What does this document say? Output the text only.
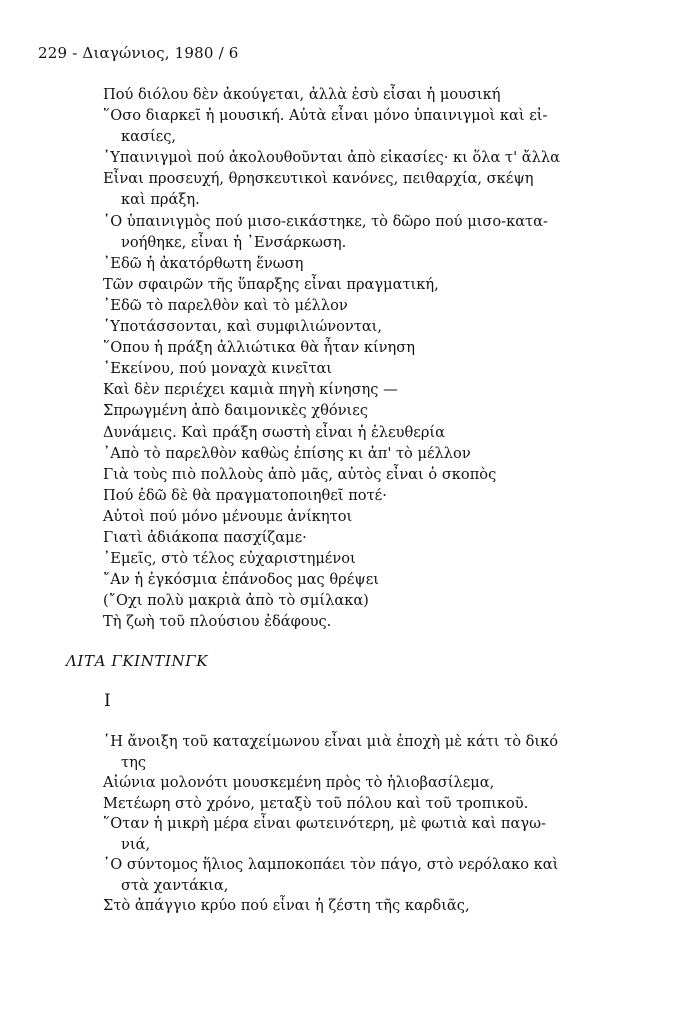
229 - Διαγώνιος, 1980 / 6
Πού διόλου δὲν ἀκούγεται, ἀλλὰ ἐσὺ εἶσαι ἡ μουσική
῞Οσο διαρκεῖ ἡ μουσική. Αὐτὰ εἶναι μόνο ὑπαινιγμοὶ καὶ εἰ-
κασίες,
῾Υπαινιγμοὶ πού ἀκολουθοῦνται ἀπὸ εἰκασίες· κι ὅλα τ' ἄλλα
Εἶναι προσευχή, θρησκευτικοὶ κανόνες, πειθαρχία, σκέψη
καὶ πράξη.
῾Ο ὑπαινιγμὸς πού μισο-εικάστηκε, τὸ δῶρο πού μισο-κατα-
νοήθηκε, εἶναι ἡ ᾿Ενσάρκωση.
᾿Εδῶ ἡ ἀκατόρθωτη ἕνωση
Τῶν σφαιρῶν τῆς ὕπαρξης εἶναι πραγματική,
᾿Εδῶ τὸ παρελθὸν καὶ τὸ μέλλον
῾Υποτάσσονται, καὶ συμφιλιώνονται,
῞Οπου ἡ πράξη ἀλλιώτικα θὰ ἦταν κίνηση
᾿Εκείνου, πού μοναχὰ κινεῖται
Καὶ δὲν περιέχει καμιὰ πηγὴ κίνησης —
Σπρωγμένη ἀπὸ δαιμονικὲς χθόνιες
Δυνάμεις. Καὶ πράξη σωστὴ εἶναι ἡ ἐλευθερία
᾿Απὸ τὸ παρελθὸν καθὼς ἐπίσης κι ἀπ' τὸ μέλλον
Γιὰ τοὺς πιὸ πολλοὺς ἀπὸ μᾶς, αὐτὸς εἶναι ὁ σκοπὸς
Πού ἐδῶ δὲ θὰ πραγματοποιηθεῖ ποτέ·
Αὐτοὶ πού μόνο μένουμε ἀνίκητοι
Γιατὶ ἀδιάκοπα πασχίζαμε·
᾿Εμεῖς, στὸ τέλος εὐχαριστημένοι
῎Αν ἡ ἐγκόσμια ἐπάνοδος μας θρέψει
(῎Οχι πολὺ μακριὰ ἀπὸ τὸ σμίλακα)
Τὴ ζωὴ τοῦ πλούσιου ἐδάφους.
ΛΙΤΑ ΓΚΙΝΤΙΝΓΚ
I
῾Η ἄνοιξη τοῦ καταχείμωνου εἶναι μιὰ ἐποχὴ μὲ κάτι τὸ δικό
της
Αἰώνια μολονότι μουσκεμένη πρὸς τὸ ἡλιοβασίλεμα,
Μετέωρη στὸ χρόνο, μεταξὺ τοῦ πόλου καὶ τοῦ τροπικοῦ.
῞Οταν ἡ μικρὴ μέρα εἶναι φωτεινότερη, μὲ φωτιὰ καὶ παγω-
νιά,
῾Ο σύντομος ἥλιος λαμποκοπάει τὸν πάγο, στὸ νερόλακο καὶ
στὰ χαντάκια,
Στὸ ἀπάγγιο κρύο πού εἶναι ἡ ζέστη τῆς καρδιᾶς,
